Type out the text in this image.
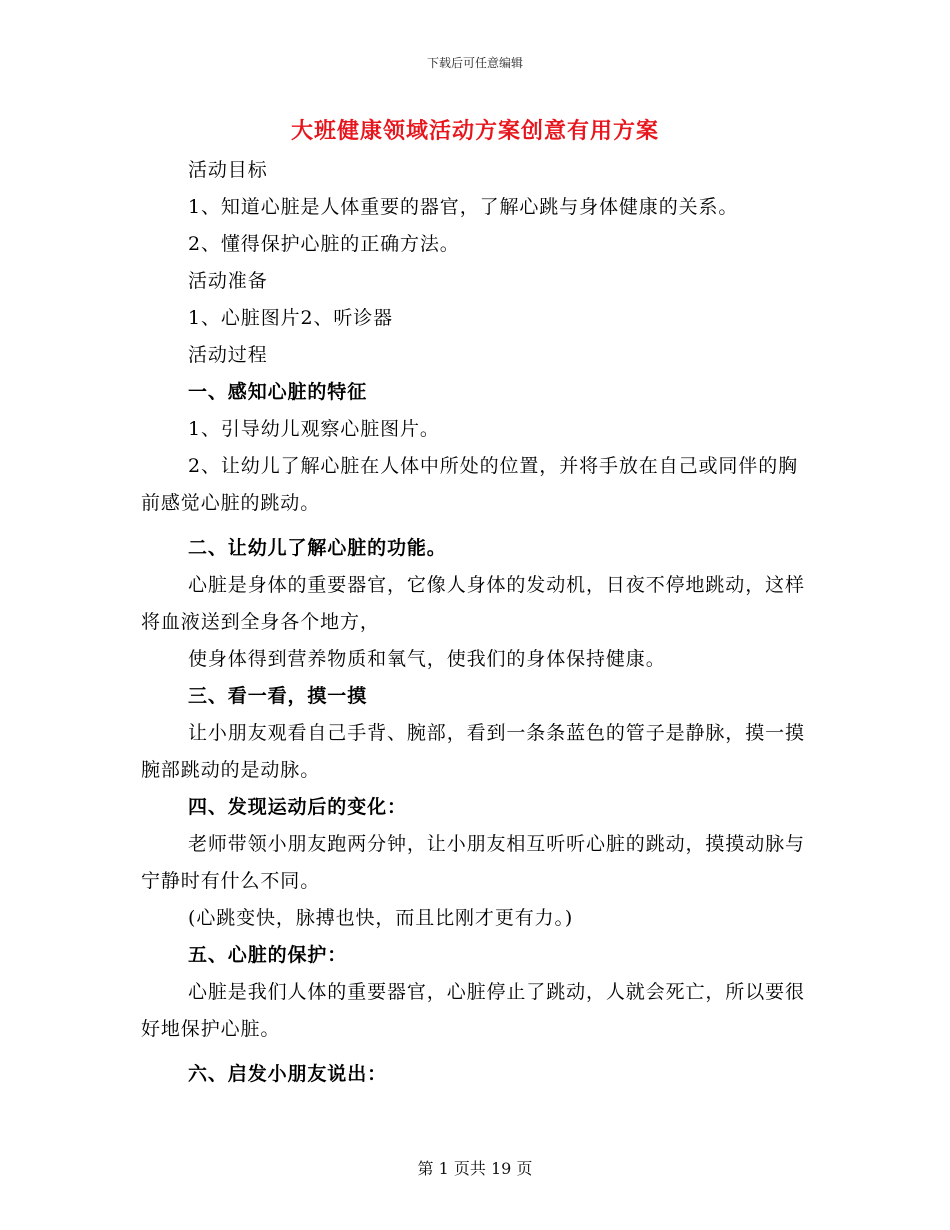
下载后可任意编辑
大班健康领域活动方案创意有用方案

活动目标

1、知道心脏是人体重要的器官，了解心跳与身体健康的关系。

2、懂得保护心脏的正确方法。

活动准备

1、心脏图片2、听诊器

活动过程

一、感知心脏的特征

1、引导幼儿观察心脏图片。

2、让幼儿了解心脏在人体中所处的位置，并将手放在自己或同伴的胸前感觉心脏的跳动。

二、让幼儿了解心脏的功能。

心脏是身体的重要器官，它像人身体的发动机，日夜不停地跳动，这样将血液送到全身各个地方，

使身体得到营养物质和氧气，使我们的身体保持健康。

三、看一看，摸一摸

让小朋友观看自己手背、腕部，看到一条条蓝色的管子是静脉，摸一摸腕部跳动的是动脉。

四、发现运动后的变化：

老师带领小朋友跑两分钟，让小朋友相互听听心脏的跳动，摸摸动脉与宁静时有什么不同。

(心跳变快，脉搏也快，而且比刚才更有力。)

五、心脏的保护：

心脏是我们人体的重要器官，心脏停止了跳动，人就会死亡，所以要很好地保护心脏。

六、启发小朋友说出：

第 1 页共 19 页
